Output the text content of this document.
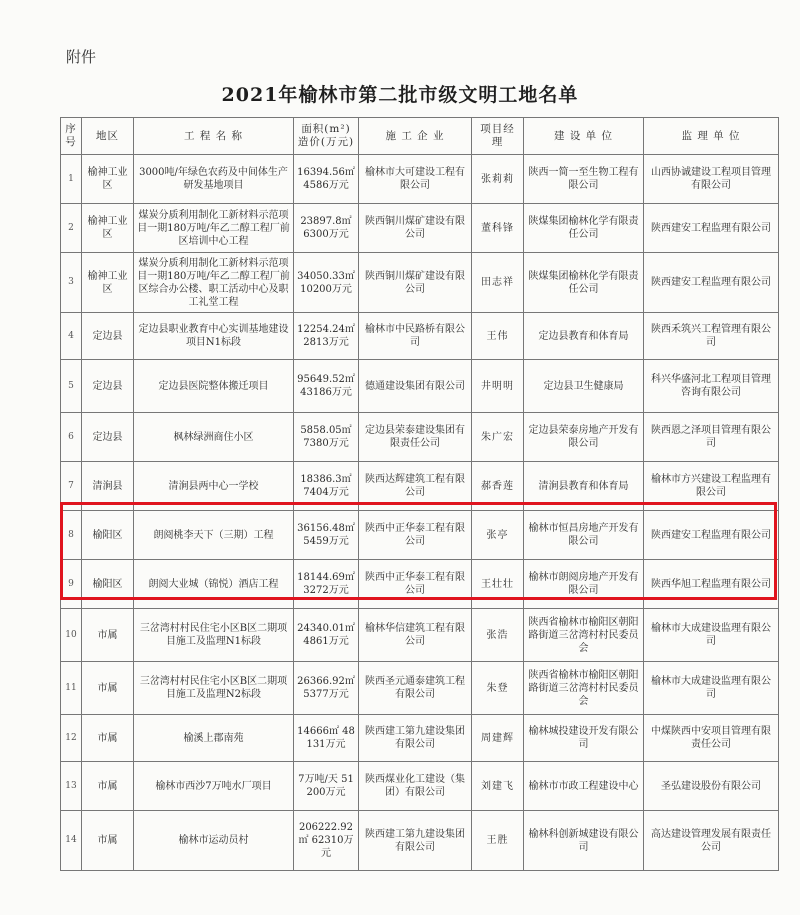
附件
2021年榆林市第二批市级文明工地名单
序号	地区	工 程 名 称	面积(m²)造价(万元)	施 工 企 业	项目经理	建 设 单 位	监 理 单 位
1	榆神工业区	3000吨/年绿色农药及中间体生产研发基地项目	16394.56㎡ 4586万元	榆林市大可建设工程有限公司	张莉莉	陕西一简一至生物工程有限公司	山西协诚建设工程项目管理有限公司
2	榆神工业区	煤炭分质利用制化工新材料示范项目一期180万吨/年乙二醇工程厂前区培训中心工程	23897.8㎡ 6300万元	陕西铜川煤矿建设有限公司	董科锋	陕煤集团榆林化学有限责任公司	陕西建安工程监理有限公司
3	榆神工业区	煤炭分质利用制化工新材料示范项目一期180万吨/年乙二醇工程厂前区综合办公楼、职工活动中心及职工礼堂工程	34050.33㎡ 10200万元	陕西铜川煤矿建设有限公司	田志祥	陕煤集团榆林化学有限责任公司	陕西建安工程监理有限公司
4	定边县	定边县职业教育中心实训基地建设项目N1标段	12254.24㎡ 2813万元	榆林市中民路桥有限公司	王伟	定边县教育和体育局	陕西禾筑兴工程管理有限公司
5	定边县	定边县医院整体搬迁项目	95649.52㎡ 43186万元	德通建设集团有限公司	井明明	定边县卫生健康局	科兴华盛河北工程项目管理咨询有限公司
6	定边县	枫林绿洲商住小区	5858.05㎡ 7380万元	定边县荣泰建设集团有限责任公司	朱广宏	定边县荣泰房地产开发有限公司	陕西恩之泽项目管理有限公司
7	清涧县	清涧县两中心一学校	18386.3㎡ 7404万元	陕西达辉建筑工程有限公司	郝香莲	清涧县教育和体育局	榆林市方兴建设工程监理有限公司
8	榆阳区	朗阅桃李天下（三期）工程	36156.48㎡ 5459万元	陕西中正华泰工程有限公司	张亭	榆林市恒昌房地产开发有限公司	陕西建安工程监理有限公司
9	榆阳区	朗阅大业城（锦悦）酒店工程	18144.69㎡ 3272万元	陕西中正华泰工程有限公司	王壮壮	榆林市朗阅房地产开发有限公司	陕西华旭工程监理有限公司
10	市属	三岔湾村村民住宅小区B区二期项目施工及监理N1标段	24340.01㎡ 4861万元	榆林华信建筑工程有限公司	张浩	陕西省榆林市榆阳区朝阳路街道三岔湾村村民委员会	榆林市大成建设监理有限公司
11	市属	三岔湾村村民住宅小区B区二期项目施工及监理N2标段	26366.92㎡ 5377万元	陕西圣元通泰建筑工程有限公司	朱登	陕西省榆林市榆阳区朝阳路街道三岔湾村村民委员会	榆林市大成建设监理有限公司
12	市属	榆溪上郡南苑	14666㎡ 48131万元	陕西建工第九建设集团有限公司	周建辉	榆林城投建设开发有限公司	中煤陕西中安项目管理有限责任公司
13	市属	榆林市西沙7万吨水厂项目	7万吨/天 51200万元	陕西煤业化工建设（集团）有限公司	刘建飞	榆林市市政工程建设中心	圣弘建设股份有限公司
14	市属	榆林市运动员村	206222.92㎡ 62310万元	陕西建工第九建设集团有限公司	王胜	榆林科创新城建设有限公司	高达建设管理发展有限责任公司
